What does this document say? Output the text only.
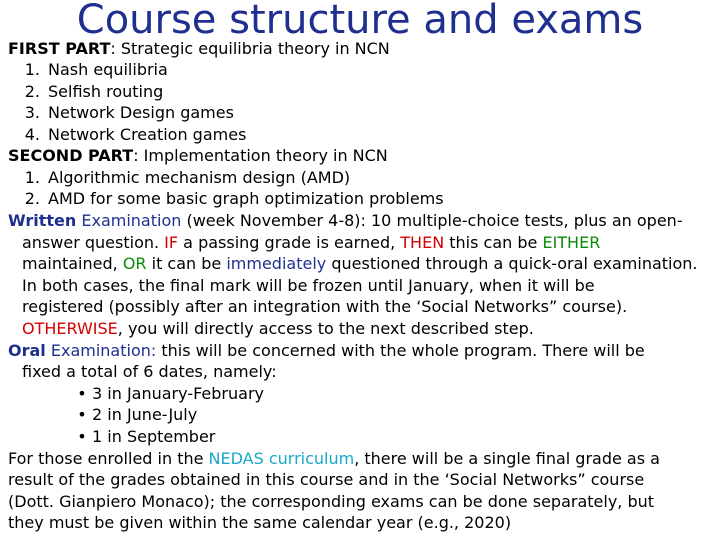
Course structure and exams
FIRST PART: Strategic equilibria theory in NCN
1. Nash equilibria
2. Selfish routing
3. Network Design games
4. Network Creation games
SECOND PART: Implementation theory in NCN
1. Algorithmic mechanism design (AMD)
2. AMD for some basic graph optimization problems
Written Examination (week November 4-8): 10 multiple-choice tests, plus an open-
answer question. IF a passing grade is earned, THEN this can be EITHER
maintained, OR it can be immediately questioned through a quick-oral examination.
In both cases, the final mark will be frozen until January, when it will be
registered (possibly after an integration with the ‘Social Networks” course).
OTHERWISE, you will directly access to the next described step.
Oral Examination: this will be concerned with the whole program. There will be
fixed a total of 6 dates, namely:
• 3 in January-February
• 2 in June-July
• 1 in September
For those enrolled in the NEDAS curriculum, there will be a single final grade as a
result of the grades obtained in this course and in the ‘Social Networks” course
(Dott. Gianpiero Monaco); the corresponding exams can be done separately, but
they must be given within the same calendar year (e.g., 2020)
